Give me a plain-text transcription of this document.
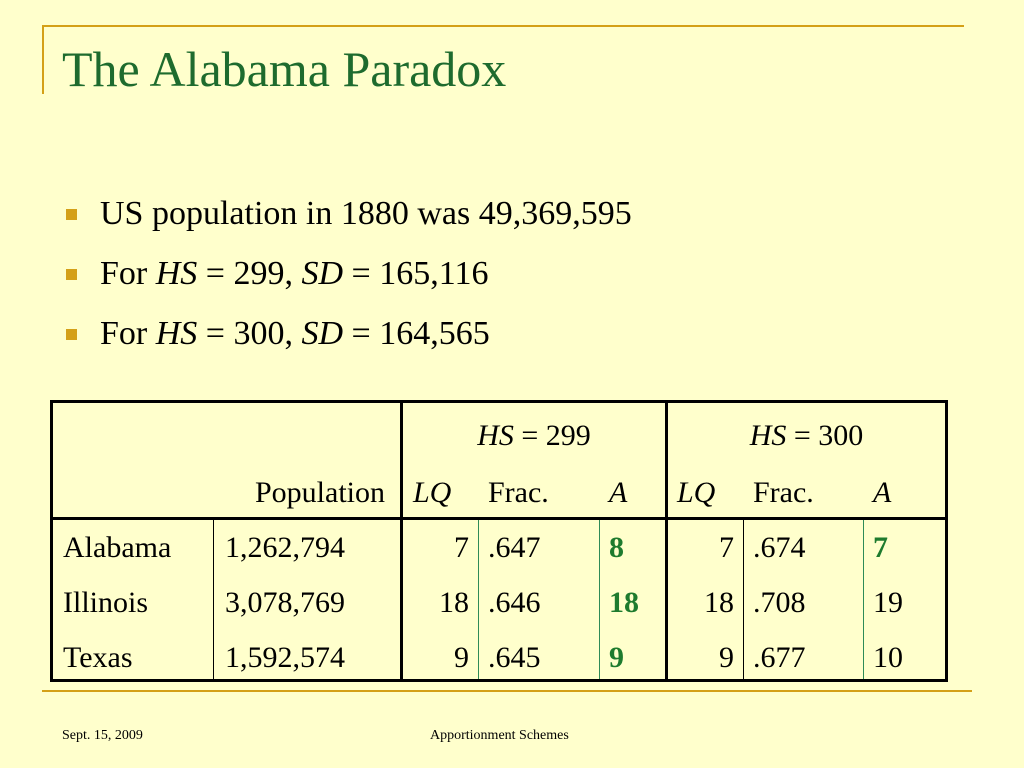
The Alabama Paradox
US population in 1880 was 49,369,595
For HS = 299, SD = 165,116
For HS = 300, SD = 164,565
HS = 299	HS = 300
Population LQ Frac. A LQ Frac. A
Alabama 1,262,794	7 .647 8	7 .674 7
Illinois	3,078,769	18 .646 18	18 .708 19
Texas	1,592,574	9 .645 9	9 .677 10
Sept. 15, 2009	Apportionment Schemes
